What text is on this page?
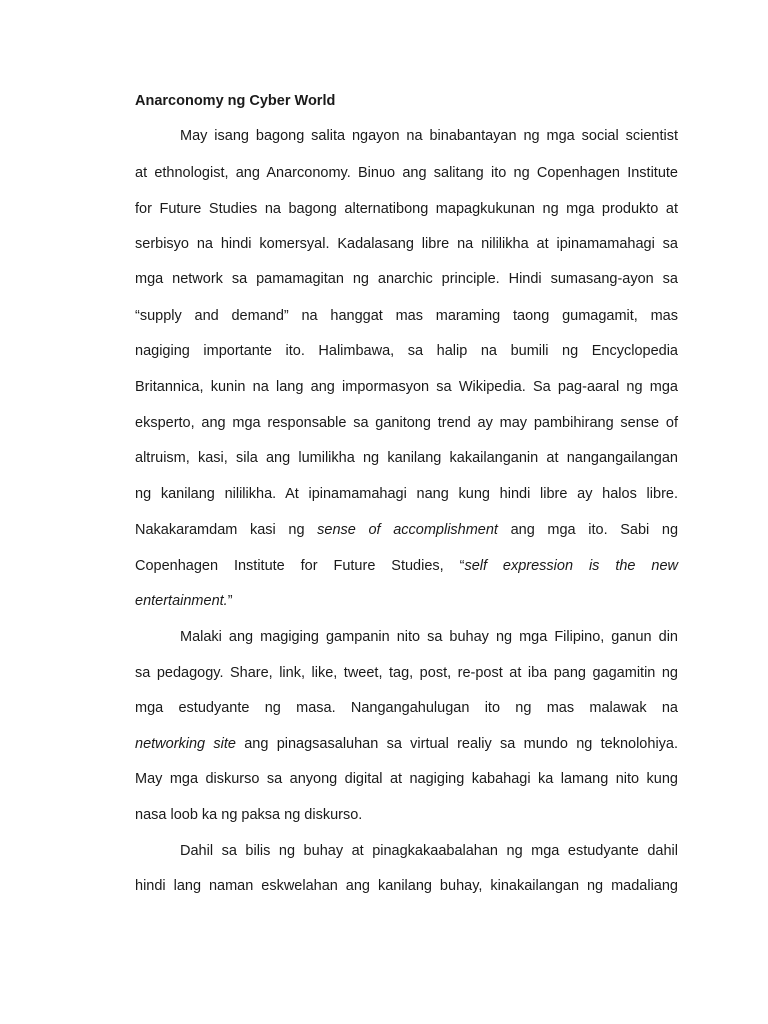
Anarconomy ng Cyber World
May isang bagong salita ngayon na binabantayan ng mga social scientist
at ethnologist, ang Anarconomy. Binuo ang salitang ito ng Copenhagen Institute
for Future Studies na bagong alternatibong mapagkukunan ng mga produkto at
serbisyo na hindi komersyal. Kadalasang libre na nililikha at ipinamamahagi sa
mga network sa pamamagitan ng anarchic principle. Hindi sumasang-ayon sa
“supply and demand” na hanggat mas maraming taong gumagamit, mas
nagiging importante ito. Halimbawa, sa halip na bumili ng Encyclopedia
Britannica, kunin na lang ang impormasyon sa Wikipedia. Sa pag-aaral ng mga
eksperto, ang mga responsable sa ganitong trend ay may pambihirang sense of
altruism, kasi, sila ang lumilikha ng kanilang kakailanganin at nangangailangan
ng kanilang nililikha. At ipinamamahagi nang kung hindi libre ay halos libre.
Nakakaramdam kasi ng sense of accomplishment ang mga ito. Sabi ng
Copenhagen Institute for Future Studies, “self expression is the new
entertainment.”
Malaki ang magiging gampanin nito sa buhay ng mga Filipino, ganun din
sa pedagogy. Share, link, like, tweet, tag, post, re-post at iba pang gagamitin ng
mga estudyante ng masa. Nangangahulugan ito ng mas malawak na
networking site ang pinagsasaluhan sa virtual realiy sa mundo ng teknolohiya.
May mga diskurso sa anyong digital at nagiging kabahagi ka lamang nito kung
nasa loob ka ng paksa ng diskurso.
Dahil sa bilis ng buhay at pinagkakaabalahan ng mga estudyante dahil
hindi lang naman eskwelahan ang kanilang buhay, kinakailangan ng madaliang
